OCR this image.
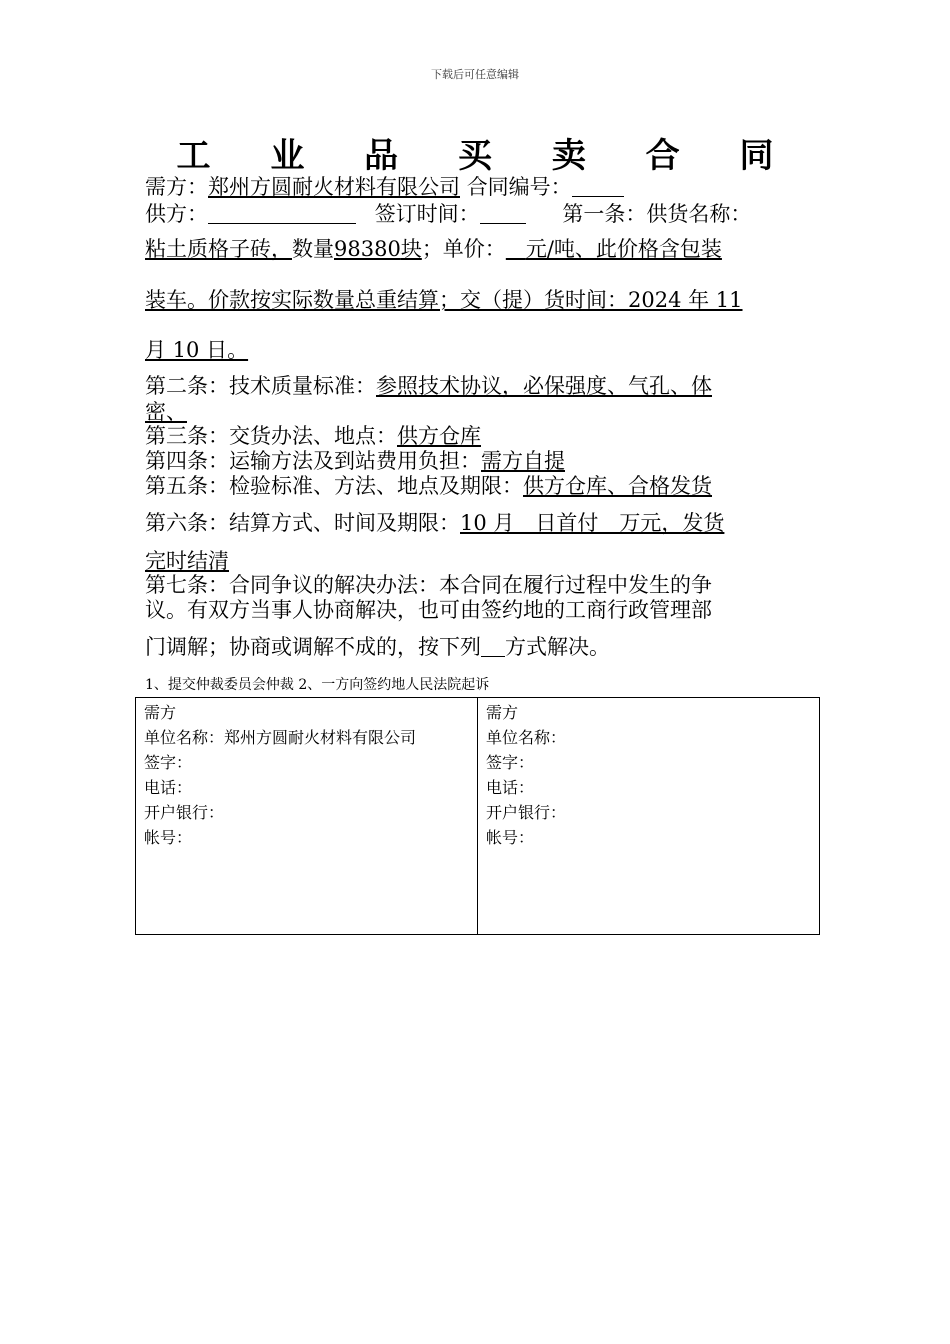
下载后可任意编辑
工 业 品 买 卖 合 同
需方：郑州方圆耐火材料有限公司 合同编号：
供方：	签订时间：	第一条：供货名称：
粘土质格子砖，数量98380块；单价： 元/吨、此价格含包装
装车。价款按实际数量总重结算；交（提）货时间：2024 年 11
月 10 日。
第二条：技术质量标准：参照技术协议，必保强度、气孔、体
密、
第三条：交货办法、地点：供方仓库
第四条：运输方法及到站费用负担：需方自提
第五条：检验标准、方法、地点及期限：供方仓库、合格发货
第六条：结算方式、时间及期限：10 月　日首付　万元，发货
完时结清
第七条：合同争议的解决办法：本合同在履行过程中发生的争
议。有双方当事人协商解决，也可由签约地的工商行政管理部
门调解；协商或调解不成的，按下列 方式解决。
1、提交仲裁委员会仲裁 2、一方向签约地人民法院起诉
需方
单位名称：郑州方圆耐火材料有限公司
签字：
电话：
开户银行：
帐号：

需方
单位名称：
签字：
电话：
开户银行：
帐号：
